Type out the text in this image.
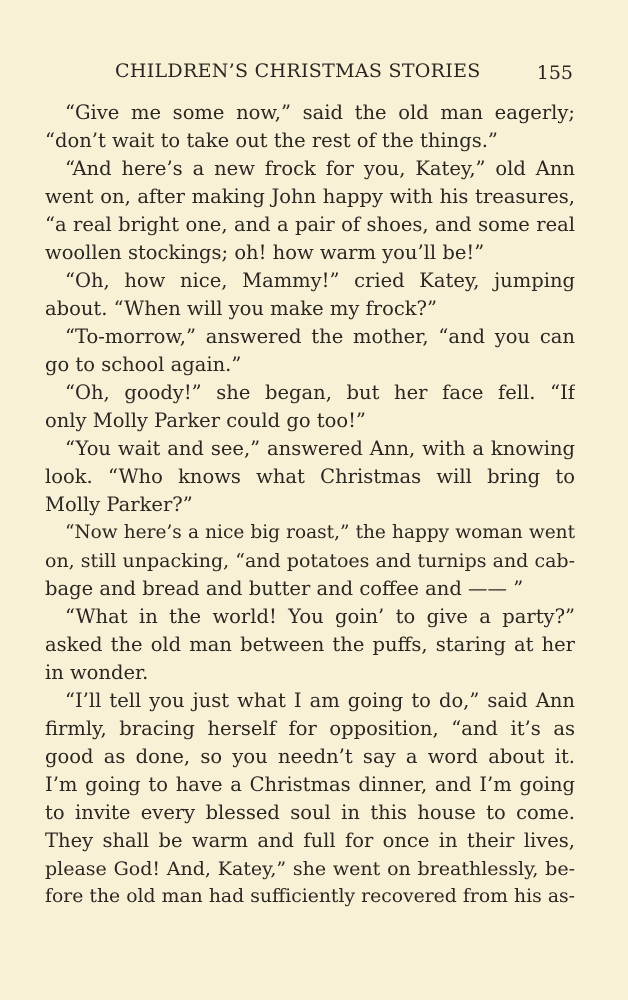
CHILDREN’S CHRISTMAS STORIES	155
“Give me some now,” said the old man eagerly;
“don’t wait to take out the rest of the things.”
“And here’s a new frock for you, Katey,” old Ann
went on, after making John happy with his treasures,
“a real bright one, and a pair of shoes, and some real
woollen stockings; oh! how warm you’ll be!”
“Oh, how nice, Mammy!” cried Katey, jumping
about. “When will you make my frock?”
“To-morrow,” answered the mother, “and you can
go to school again.”
“Oh, goody!” she began, but her face fell. “If
only Molly Parker could go too!”
“You wait and see,” answered Ann, with a knowing
look. “Who knows what Christmas will bring to
Molly Parker?”
“Now here’s a nice big roast,” the happy woman went
on, still unpacking, “and potatoes and turnips and cab-
bage and bread and butter and coffee and —— ”
“What in the world! You goin’ to give a party?”
asked the old man between the puffs, staring at her
in wonder.
“I’ll tell you just what I am going to do,” said Ann
firmly, bracing herself for opposition, “and it’s as
good as done, so you needn’t say a word about it.
I’m going to have a Christmas dinner, and I’m going
to invite every blessed soul in this house to come.
They shall be warm and full for once in their lives,
please God! And, Katey,” she went on breathlessly, be-
fore the old man had sufficiently recovered from his as-
